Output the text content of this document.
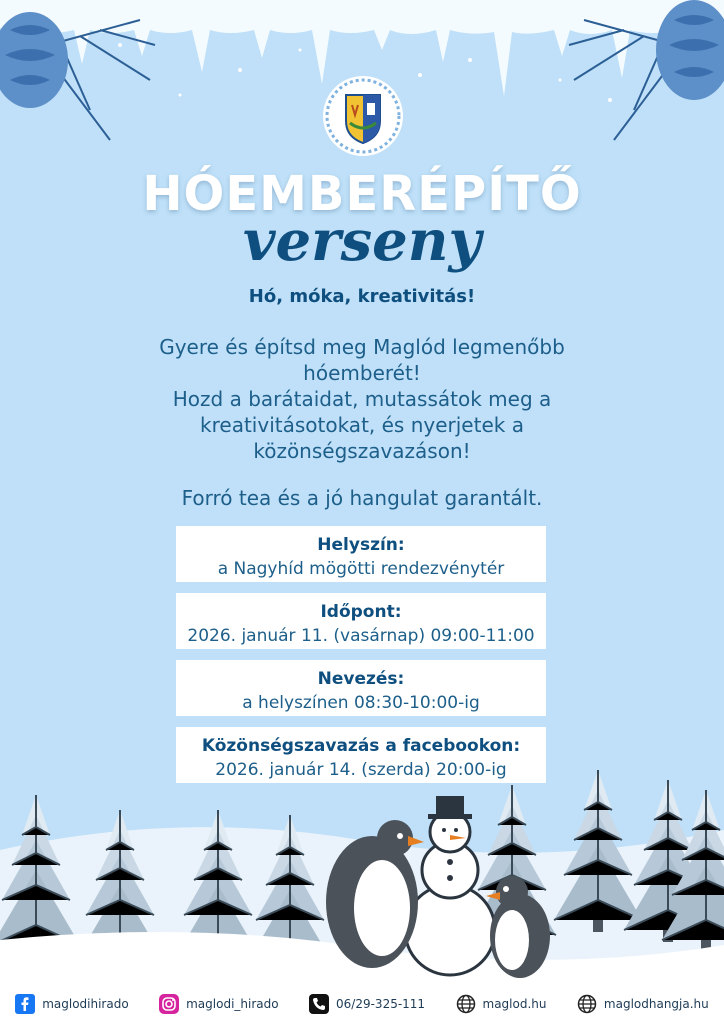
HÓEMBERÉPÍTŐ
verseny
Hó, móka, kreativitás!
Gyere és építsd meg Maglód legmenőbb
hóemberét!
Hozd a barátaidat, mutassátok meg a
kreativitásotokat, és nyerjetek a
közönségszavazáson!
Forró tea és a jó hangulat garantált.
Helyszín:
a Nagyhíd mögötti rendezvénytér
Időpont:
2026. január 11. (vasárnap) 09:00-11:00
Nevezés:
a helyszínen 08:30-10:00-ig
Közönségszavazás a facebookon:
2026. január 14. (szerda) 20:00-ig
maglodihirado	maglodi_hirado	06/29-325-111	maglod.hu	maglodhangja.hu
